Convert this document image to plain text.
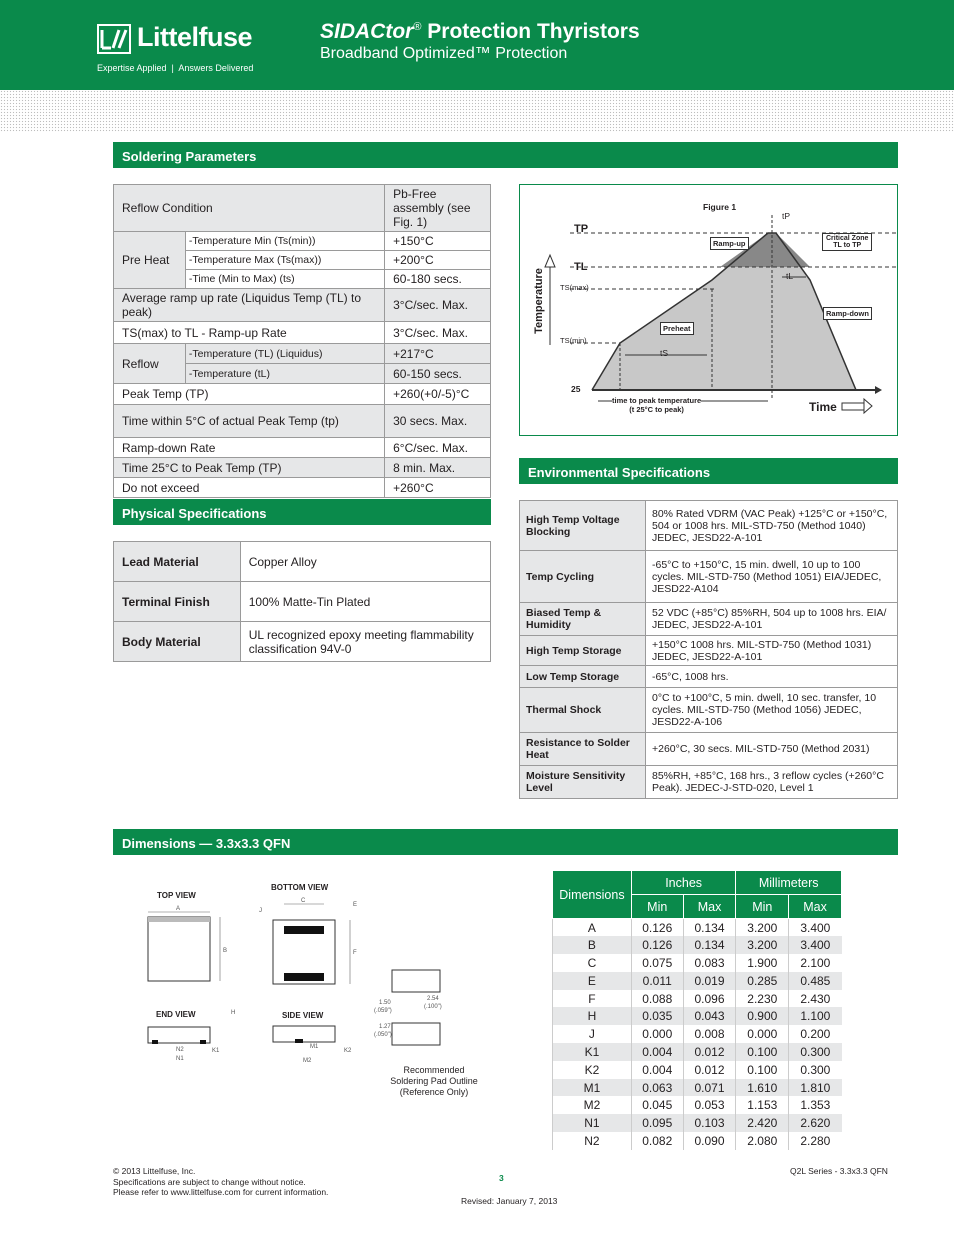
Littelfuse
Expertise Applied  |  Answers Delivered
SIDACtor® Protection Thyristors
Broadband Optimized™ Protection
Soldering Parameters
Reflow Condition		Pb-Free assembly (see Fig. 1)
Pre Heat	-Temperature Min (Ts(min))	+150°C
	-Temperature Max (Ts(max))	+200°C
	-Time (Min to Max) (ts)	60-180 secs.
Average ramp up rate (Liquidus Temp (TL) to peak)		3°C/sec. Max.
TS(max) to TL - Ramp-up Rate		3°C/sec. Max.
Reflow	-Temperature (TL) (Liquidus)	+217°C
	-Temperature (tL)	60-150 secs.
Peak Temp (TP)		+260(+0/-5)°C
Time within 5°C of actual Peak Temp (tp)		30 secs. Max.
Ramp-down Rate		6°C/sec. Max.
Time 25°C to Peak Temp (TP)		8 min. Max.
Do not exceed		+260°C
Figure 1
TP
TL
TS(max)
TS(min)
Temperature
Time
tP
tL
tS
Ramp-up
Ramp-down
Preheat
Critical Zone
TL to TP
25
time to peak temperature
(t 25°C to peak)
Physical Specifications
Lead Material	Copper Alloy
Terminal Finish	100% Matte-Tin Plated
Body Material	UL recognized epoxy meeting flammability classification 94V-0
Environmental Specifications
High Temp Voltage Blocking	80% Rated VDRM (VAC Peak) +125°C or +150°C, 504 or 1008 hrs. MIL-STD-750 (Method 1040) JEDEC, JESD22-A-101
Temp Cycling	-65°C to +150°C, 15 min. dwell, 10 up to 100 cycles. MIL-STD-750 (Method 1051) EIA/JEDEC, JESD22-A104
Biased Temp & Humidity	52 VDC (+85°C) 85%RH, 504 up to 1008 hrs. EIA/ JEDEC, JESD22-A-101
High Temp Storage	+150°C 1008 hrs. MIL-STD-750 (Method 1031) JEDEC, JESD22-A-101
Low Temp Storage	-65°C, 1008 hrs.
Thermal Shock	0°C to +100°C, 5 min. dwell, 10 sec. transfer, 10 cycles. MIL-STD-750 (Method 1056) JEDEC, JESD22-A-106
Resistance to Solder Heat	+260°C, 30 secs. MIL-STD-750 (Method 2031)
Moisture Sensitivity Level	85%RH, +85°C, 168 hrs., 3 reflow cycles (+260°C Peak). JEDEC-J-STD-020, Level 1
Dimensions — 3.3x3.3 QFN
TOP VIEW
BOTTOM VIEW
END VIEW	SIDE VIEW
A
B
C
E
F
J
H
K1	K2
M1
M2
N2
N1
2.54
(.100")
1.50
(.059")
1.27
(.050")
Recommended
Soldering Pad Outline
(Reference Only)
Dimensions	Inches		Millimeters	
	Min	Max	Min	Max
A	0.126	0.134	3.200	3.400
B	0.126	0.134	3.200	3.400
C	0.075	0.083	1.900	2.100
E	0.011	0.019	0.285	0.485
F	0.088	0.096	2.230	2.430
H	0.035	0.043	0.900	1.100
J	0.000	0.008	0.000	0.200
K1	0.004	0.012	0.100	0.300
K2	0.004	0.012	0.100	0.300
M1	0.063	0.071	1.610	1.810
M2	0.045	0.053	1.153	1.353
N1	0.095	0.103	2.420	2.620
N2	0.082	0.090	2.080	2.280
© 2013 Littelfuse, Inc.
Specifications are subject to change without notice.
Please refer to www.littelfuse.com for current information.
3
Q2L Series - 3.3x3.3 QFN
Revised: January 7, 2013
